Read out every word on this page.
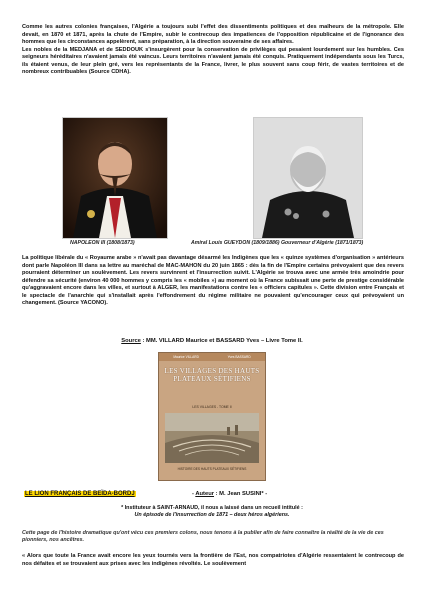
Comme les autres colonies françaises, l'Algérie a toujours subi l'effet des dissentiments politiques et des malheurs de la métropole. Elle devait, en 1870 et 1871, après la chute de l'Empire, subir le contrecoup des impatiences de l'opposition républicaine et de l'ignorance des hommes que les circonstances appelèrent, sans préparation, à la direction souveraine de ses affaires.

Les nobles de la MEDJANA et de SEDDOUK s'insurgèrent pour la conservation de privilèges qui pesaient lourdement sur les humbles. Ces seigneurs héréditaires n'avaient jamais été vaincus. Leurs territoires n'avaient jamais été conquis. Pratiquement indépendants sous les Turcs, ils étaient venus, de leur plein gré, vers les représentants de la France, livrer, le plus souvent sans coup férir, de vastes territoires et de nombreux contribuables (Source CDHA).

NAPOLEON III (1808/1873)	Amiral Louis GUEYDON (1809/1886) Gouverneur d'Algérie (1871/1873)

La politique libérale du « Royaume arabe » n'avait pas davantage désarmé les Indigènes que les « quinze systèmes d'organisation » antérieurs dont parle Napoléon III dans sa lettre au maréchal de MAC-MAHON du 20 juin 1865 : dès la fin de l'Empire certains prévoyaient que des revers pourraient déterminer un soulèvement. Les revers survinrent et l'insurrection suivit. L'Algérie se trouva avec une armée très amoindrie pour défendre sa sécurité (environ 40 000 hommes y compris les « mobiles ») au moment où la France subissait une perte de prestige considérable qu'aggravaient encore dans les villes, et surtout à ALGER, les manifestations contre les « officiers capitules ». Cette division entre Français et le spectacle de l'anarchie qui s'installait après l'effondrement du régime militaire ne pouvaient qu'encourager ceux qui prévoyaient un changement. (Source YACONO).

Source : MM. VILLARD Maurice et BASSARD Yves – Livre Tome II.
Maurice VILLARD	Yves BASSARD
LES VILLAGES DES HAUTS PLATEAUX SÉTIFIENS
LES VILLAGES - TOME II
HISTOIRE DES HAUTS PLATEAUX SÉTIFIENS
LE LION FRANÇAIS DE BEÏDA-BORDJ	- Auteur : M. Jean SUSINI* -
* Instituteur à SAINT-ARNAUD, il nous a laissé dans un recueil intitulé :
Un épisode de l'insurrection de 1871 – deux héros algériens.
Cette page de l'histoire dramatique qu'ont vécu ces premiers colons, nous tenons à la publier afin de faire connaître la réalité de la vie de ces pionniers, nos ancêtres.
« Alors que toute la France avait encore les yeux tournés vers la frontière de l'Est, nos compatriotes d'Algérie ressentaient le contrecoup de nos défaites et se trouvaient aux prises avec les indigènes révoltés. Le soulèvement
